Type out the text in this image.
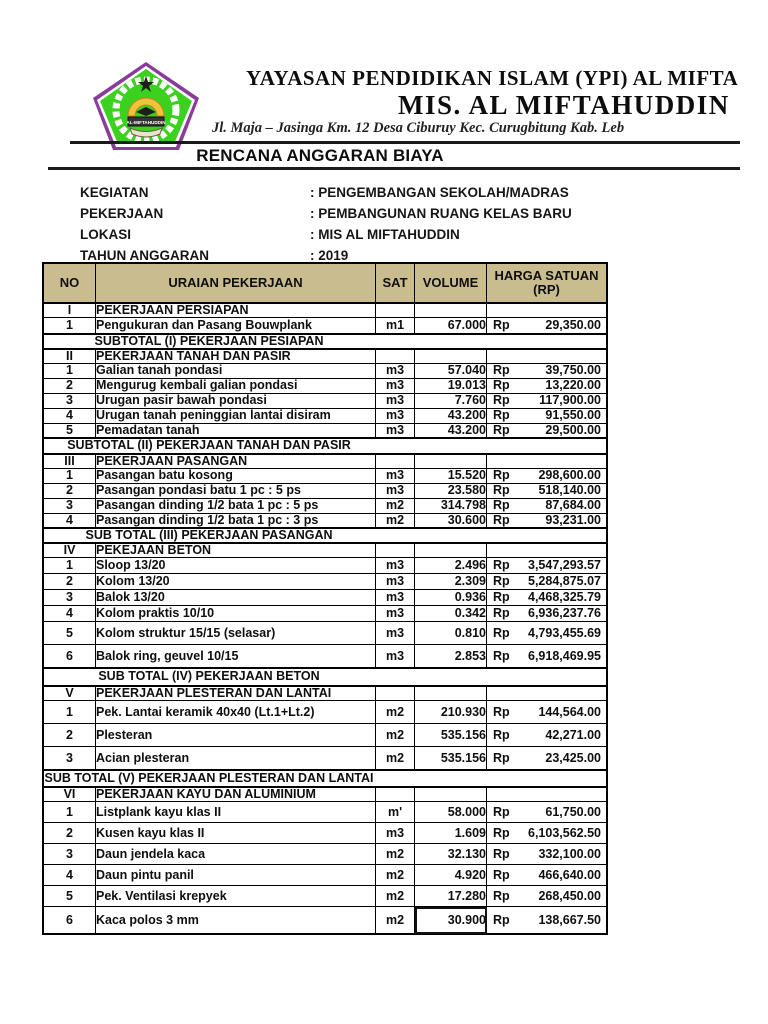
AL-MIFTAHUDDIN
YAYASAN PENDIDIKAN ISLAM (YPI) AL MIFTA
MIS. AL MIFTAHUDDIN
Jl. Maja – Jasinga Km. 12 Desa Ciburuy Kec. Curugbitung Kab. Leb
RENCANA ANGGARAN BIAYA
KEGIATAN	: PENGEMBANGAN SEKOLAH/MADRAS
PEKERJAAN	: PEMBANGUNAN RUANG KELAS BARU
LOKASI	: MIS AL MIFTAHUDDIN
TAHUN ANGGARAN	: 2019
NO	URAIAN PEKERJAAN	SAT	VOLUME	HARGA SATUAN
(RP)

I	PEKERJAAN PERSIAPAN			
1	Pengukuran dan Pasang Bouwplank	m1	67.000	Rp 29,350.00

SUBTOTAL (I) PEKERJAAN PESIAPAN				

II	PEKERJAAN TANAH DAN PASIR			
1	Galian tanah pondasi	m3	57.040	Rp 39,750.00

2	Mengurug kembali galian pondasi	m3	19.013	Rp 13,220.00

3	Urugan pasir bawah pondasi	m3	7.760	Rp 117,900.00

4	Urugan tanah peninggian lantai disiram	m3	43.200	Rp 91,550.00

5	Pemadatan tanah	m3	43.200	Rp 29,500.00

SUBTOTAL (II) PEKERJAAN TANAH DAN PASIR				

III	PEKERJAAN PASANGAN			
1	Pasangan batu kosong	m3	15.520	Rp 298,600.00

2	Pasangan pondasi batu 1 pc : 5 ps	m3	23.580	Rp 518,140.00

3	Pasangan dinding 1/2 bata 1 pc : 5 ps	m2	314.798	Rp 87,684.00

4	Pasangan dinding 1/2 bata 1 pc : 3 ps	m2	30.600	Rp 93,231.00

SUB TOTAL (III) PEKERJAAN PASANGAN				

IV	PEKEJAAN BETON			
1	Sloop 13/20	m3	2.496	Rp 3,547,293.57

2	Kolom 13/20	m3	2.309	Rp 5,284,875.07

3	Balok 13/20	m3	0.936	Rp 4,468,325.79

4	Kolom praktis 10/10	m3	0.342	Rp 6,936,237.76

5	Kolom struktur 15/15 (selasar)	m3	0.810	Rp 4,793,455.69

6	Balok ring, geuvel 10/15	m3	2.853	Rp 6,918,469.95

SUB TOTAL (IV) PEKERJAAN BETON				

V	PEKERJAAN PLESTERAN DAN LANTAI			
1	Pek. Lantai keramik 40x40 (Lt.1+Lt.2)	m2	210.930	Rp 144,564.00

2	Plesteran	m2	535.156	Rp 42,271.00

3	Acian plesteran	m2	535.156	Rp 23,425.00

SUB TOTAL (V) PEKERJAAN PLESTERAN DAN LANTAI				

VI	PEKERJAAN KAYU DAN ALUMINIUM			
1	Listplank kayu klas II	m'	58.000	Rp 61,750.00

2	Kusen kayu klas II	m3	1.609	Rp 6,103,562.50

3	Daun jendela kaca	m2	32.130	Rp 332,100.00

4	Daun pintu panil	m2	4.920	Rp 466,640.00

5	Pek. Ventilasi krepyek	m2	17.280	Rp 268,450.00

6	Kaca polos 3 mm	m2	30.900	Rp 138,667.50
